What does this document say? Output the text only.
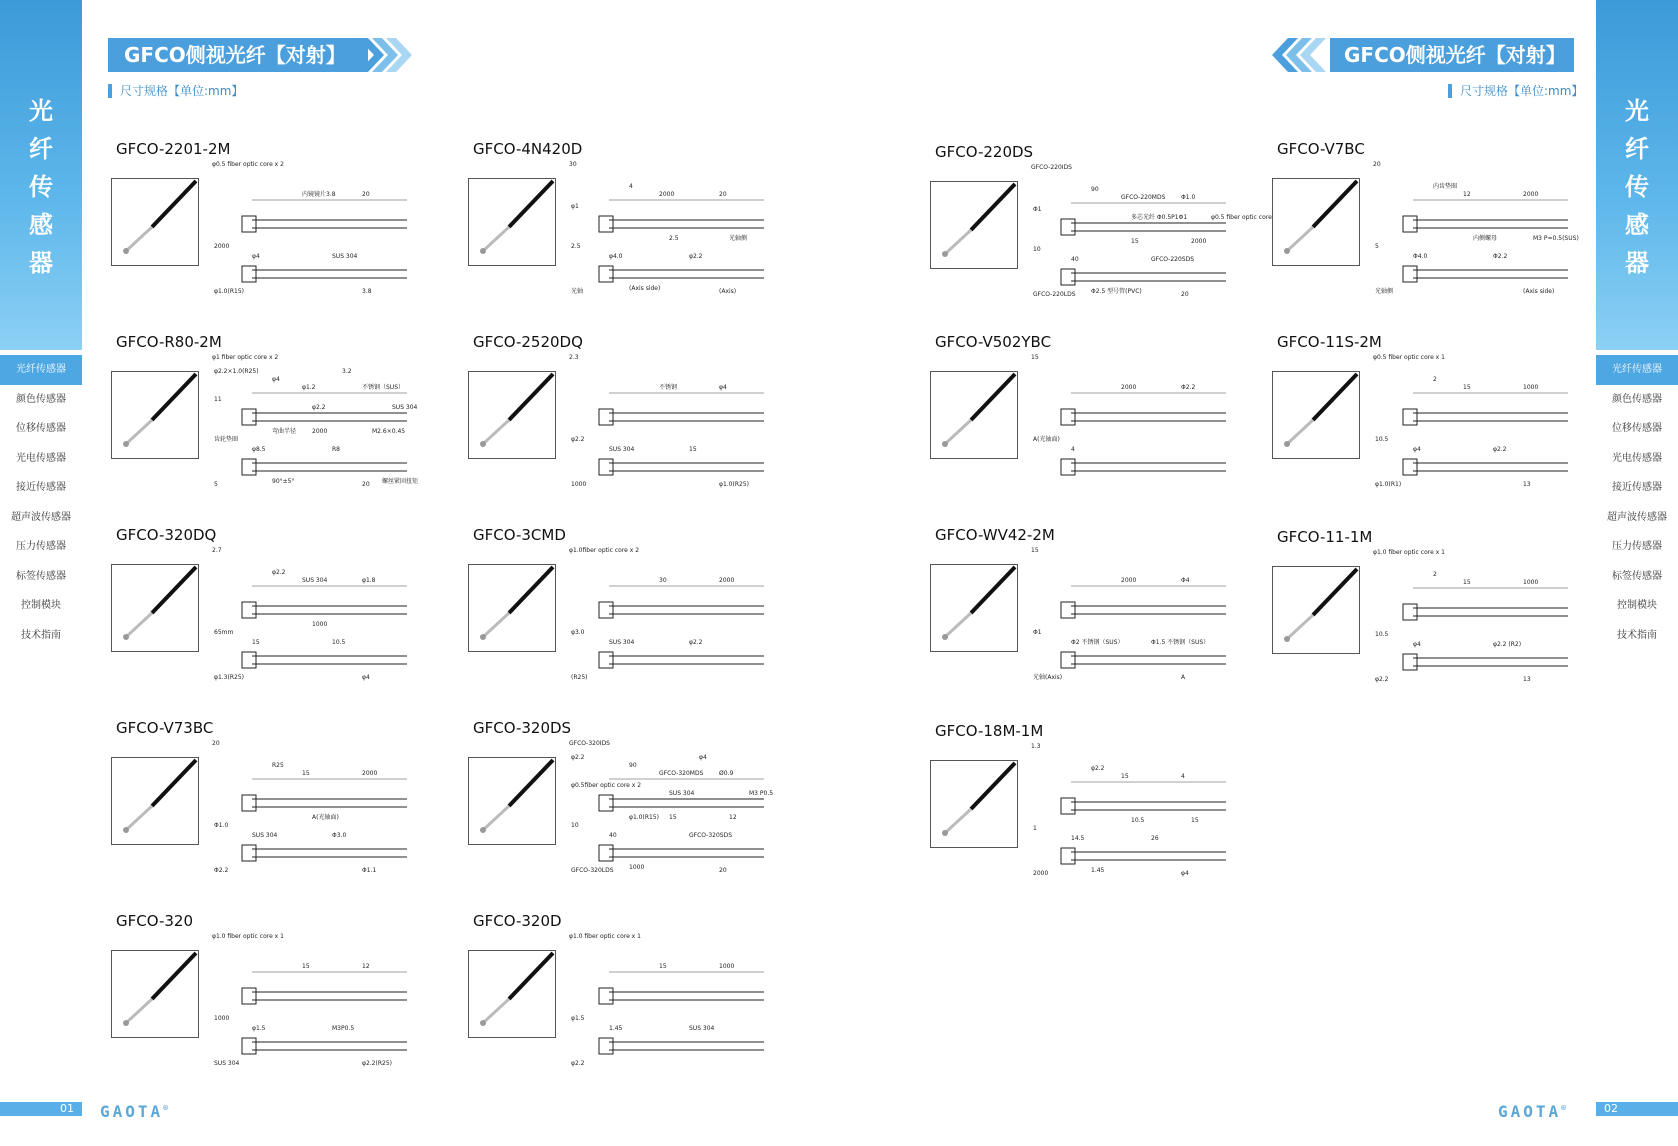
光纤传感器
光纤传感器
颜色传感器
位移传感器
光电传感器
接近传感器
超声波传感器
压力传感器
标签传感器
控制模块
技术指南
01
光纤传感器
光纤传感器
颜色传感器
位移传感器
光电传感器
接近传感器
超声波传感器
压力传感器
标签传感器
控制模块
技术指南
02
GAOTA®	GAOTA®
GFCO侧视光纤【对射】
尺寸规格【单位:mm】
GFCO侧视光纤【对射】
尺寸规格【单位:mm】
GFCO-2201-2M
φ0.5 fiber optic core x 2
内镜镜片3.8	20
2000
φ4	SUS 304
φ1.0(R15)	3.8
GFCO-4N420D
30
2000	20
2.5
φ4.0	φ2.2
光轴	(Axis)
4
2.5	光轴侧
(Axis side)
φ1
GFCO-R80-2M
φ1 fiber optic core x 2
φ1.2	不锈钢（SUS）
齿轮垫圈
φ8.5	R8
5	20
φ4
2000	M2.6×0.45
90°±5°
11
SUS 304
φ2.2
φ2.2×1.0(R25)	3.2
弯曲半径
螺丝紧固扭矩
GFCO-2520DQ
2.3
不锈钢	φ4
φ2.2
SUS 304	15
1000	φ1.0(R25)
GFCO-320DQ
2.7
SUS 304	φ1.8
65mm
15	10.5
φ1.3(R25)	φ4
φ2.2
1000
GFCO-3CMD
φ1.0fiber optic core x 2
30	2000
φ3.0
SUS 304	φ2.2
(R25)
GFCO-V73BC
20
15	2000
Φ1.0
SUS 304	Φ3.0
Φ2.2	Φ1.1
R25
A(光轴面)
GFCO-320DS
GFCO-320IDS
GFCO-320MDS	Ø0.9
10
40	GFCO-320SDS
GFCO-320LDS	20
90
15	12
1000
φ0.5fiber optic core x 2
M3 P0.5
SUS 304
φ2.2	φ4
φ1.0(R15)
GFCO-320
φ1.0 fiber optic core x 1
15	12
1000
φ1.5	M3P0.5
SUS 304	φ2.2(R25)
GFCO-320D
φ1.0 fiber optic core x 1
15	1000
φ1.5
1.45	SUS 304
φ2.2
GFCO-220DS
GFCO-220IDS
GFCO-220MDS	Φ1.0
10
40	GFCO-220SDS
GFCO-220LDS	20
90
15	2000
Φ2.5 型号管(PVC)
Φ1
φ0.5 fiber optic core x 2
多芯光纤 Φ0.5P1Φ1
GFCO-V7BC
20
12	2000
5
Φ4.0	Φ2.2
光轴侧	(Axis side)
内齿垫圈
内侧螺母	M3 P=0.5(SUS)
GFCO-V502YBC
15
2000	Φ2.2
A(光轴面)
4
GFCO-11S-2M
φ0.5 fiber optic core x 1
15	1000
10.5
φ4	φ2.2
φ1.0(R1)	13
2
GFCO-WV42-2M
15
2000	Φ4
Φ1
Φ2 不锈钢（SUS）	Φ1.5 不锈钢（SUS）
光轴(Axis)	A
GFCO-11-1M
φ1.0 fiber optic core x 1
15	1000
10.5
φ4	φ2.2 (R2)
φ2.2	13
2
GFCO-18M-1M
1.3
15	4
1
14.5	26
2000	φ4
φ2.2
10.5	15
1.45
